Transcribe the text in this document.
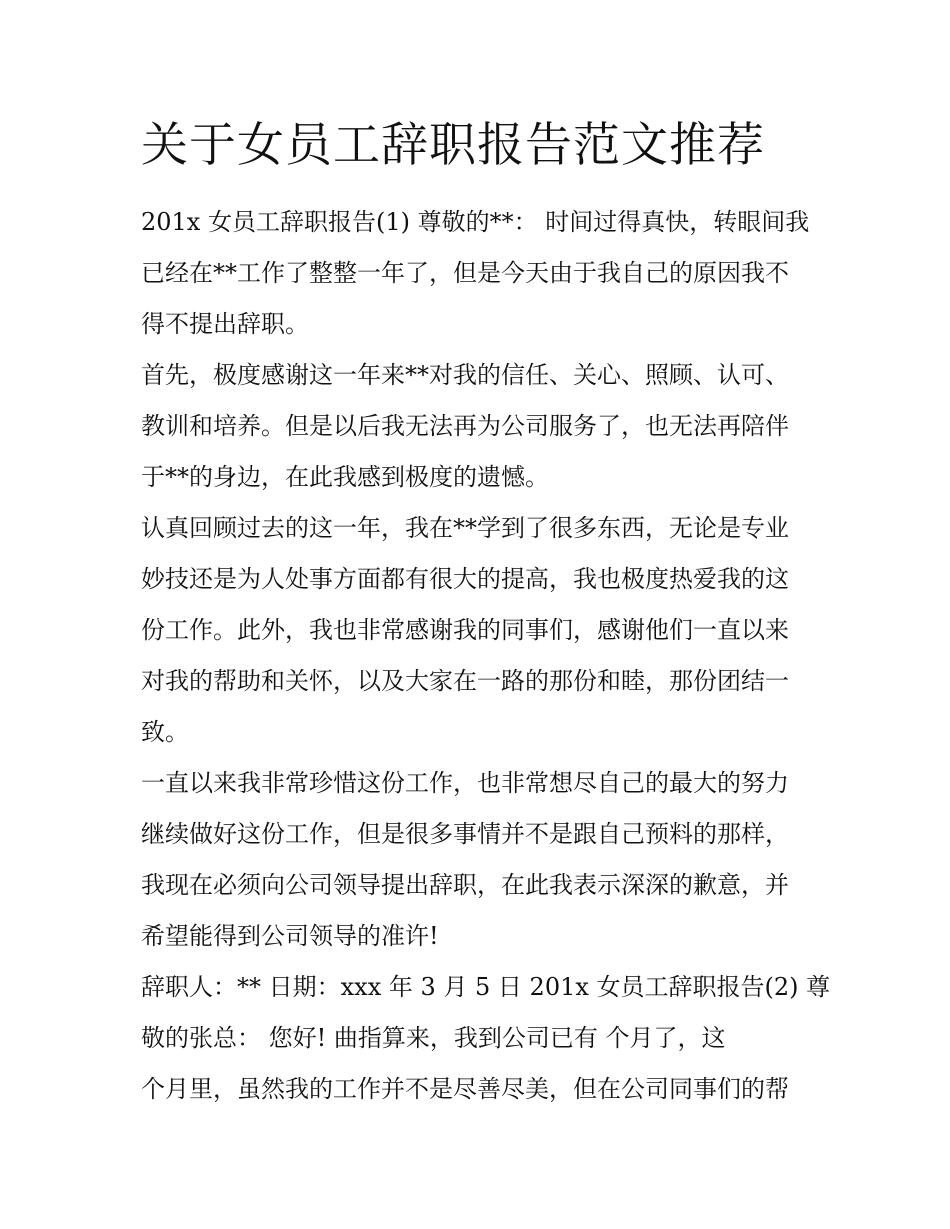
关于女员工辞职报告范文推荐

201x 女员工辞职报告(1) 尊敬的**： 时间过得真快，转眼间我

已经在**工作了整整一年了，但是今天由于我自己的原因我不

得不提出辞职。

首先，极度感谢这一年来**对我的信任、关心、照顾、认可、

教训和培养。但是以后我无法再为公司服务了，也无法再陪伴

于**的身边，在此我感到极度的遗憾。

认真回顾过去的这一年，我在**学到了很多东西，无论是专业

妙技还是为人处事方面都有很大的提高，我也极度热爱我的这

份工作。此外，我也非常感谢我的同事们，感谢他们一直以来

对我的帮助和关怀，以及大家在一路的那份和睦，那份团结一

致。

一直以来我非常珍惜这份工作，也非常想尽自己的最大的努力

继续做好这份工作，但是很多事情并不是跟自己预料的那样，

我现在必须向公司领导提出辞职，在此我表示深深的歉意，并

希望能得到公司领导的准许!

辞职人：** 日期：xxx 年 3 月 5 日 201x 女员工辞职报告(2) 尊

敬的张总： 您好! 曲指算来，我到公司已有 个月了，这

个月里，虽然我的工作并不是尽善尽美，但在公司同事们的帮
